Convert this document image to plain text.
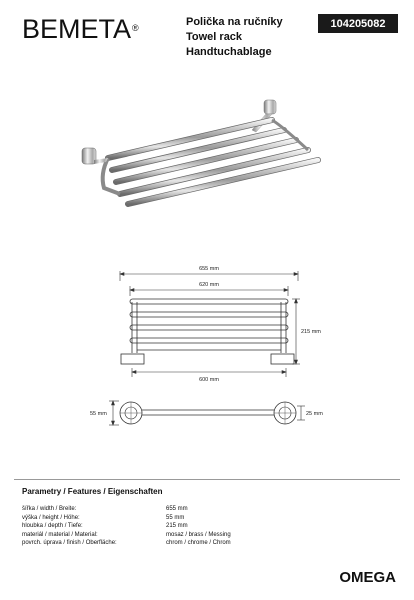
BEMETA®	Polička na ručníky
Towel rack
Handtuchablage
104205082
655 mm
620 mm
215 mm
600 mm
55 mm	25 mm
Parametry / Features / Eigenschaften
šířka / width / Breite:	655 mm
výška / height / Höhe:	55 mm
hloubka / depth / Tiefe:	215 mm
materiál / material / Material:	mosaz / brass / Messing
povrch. úprava / finish / Oberfläche:	chrom / chrome / Chrom
OMEGA
